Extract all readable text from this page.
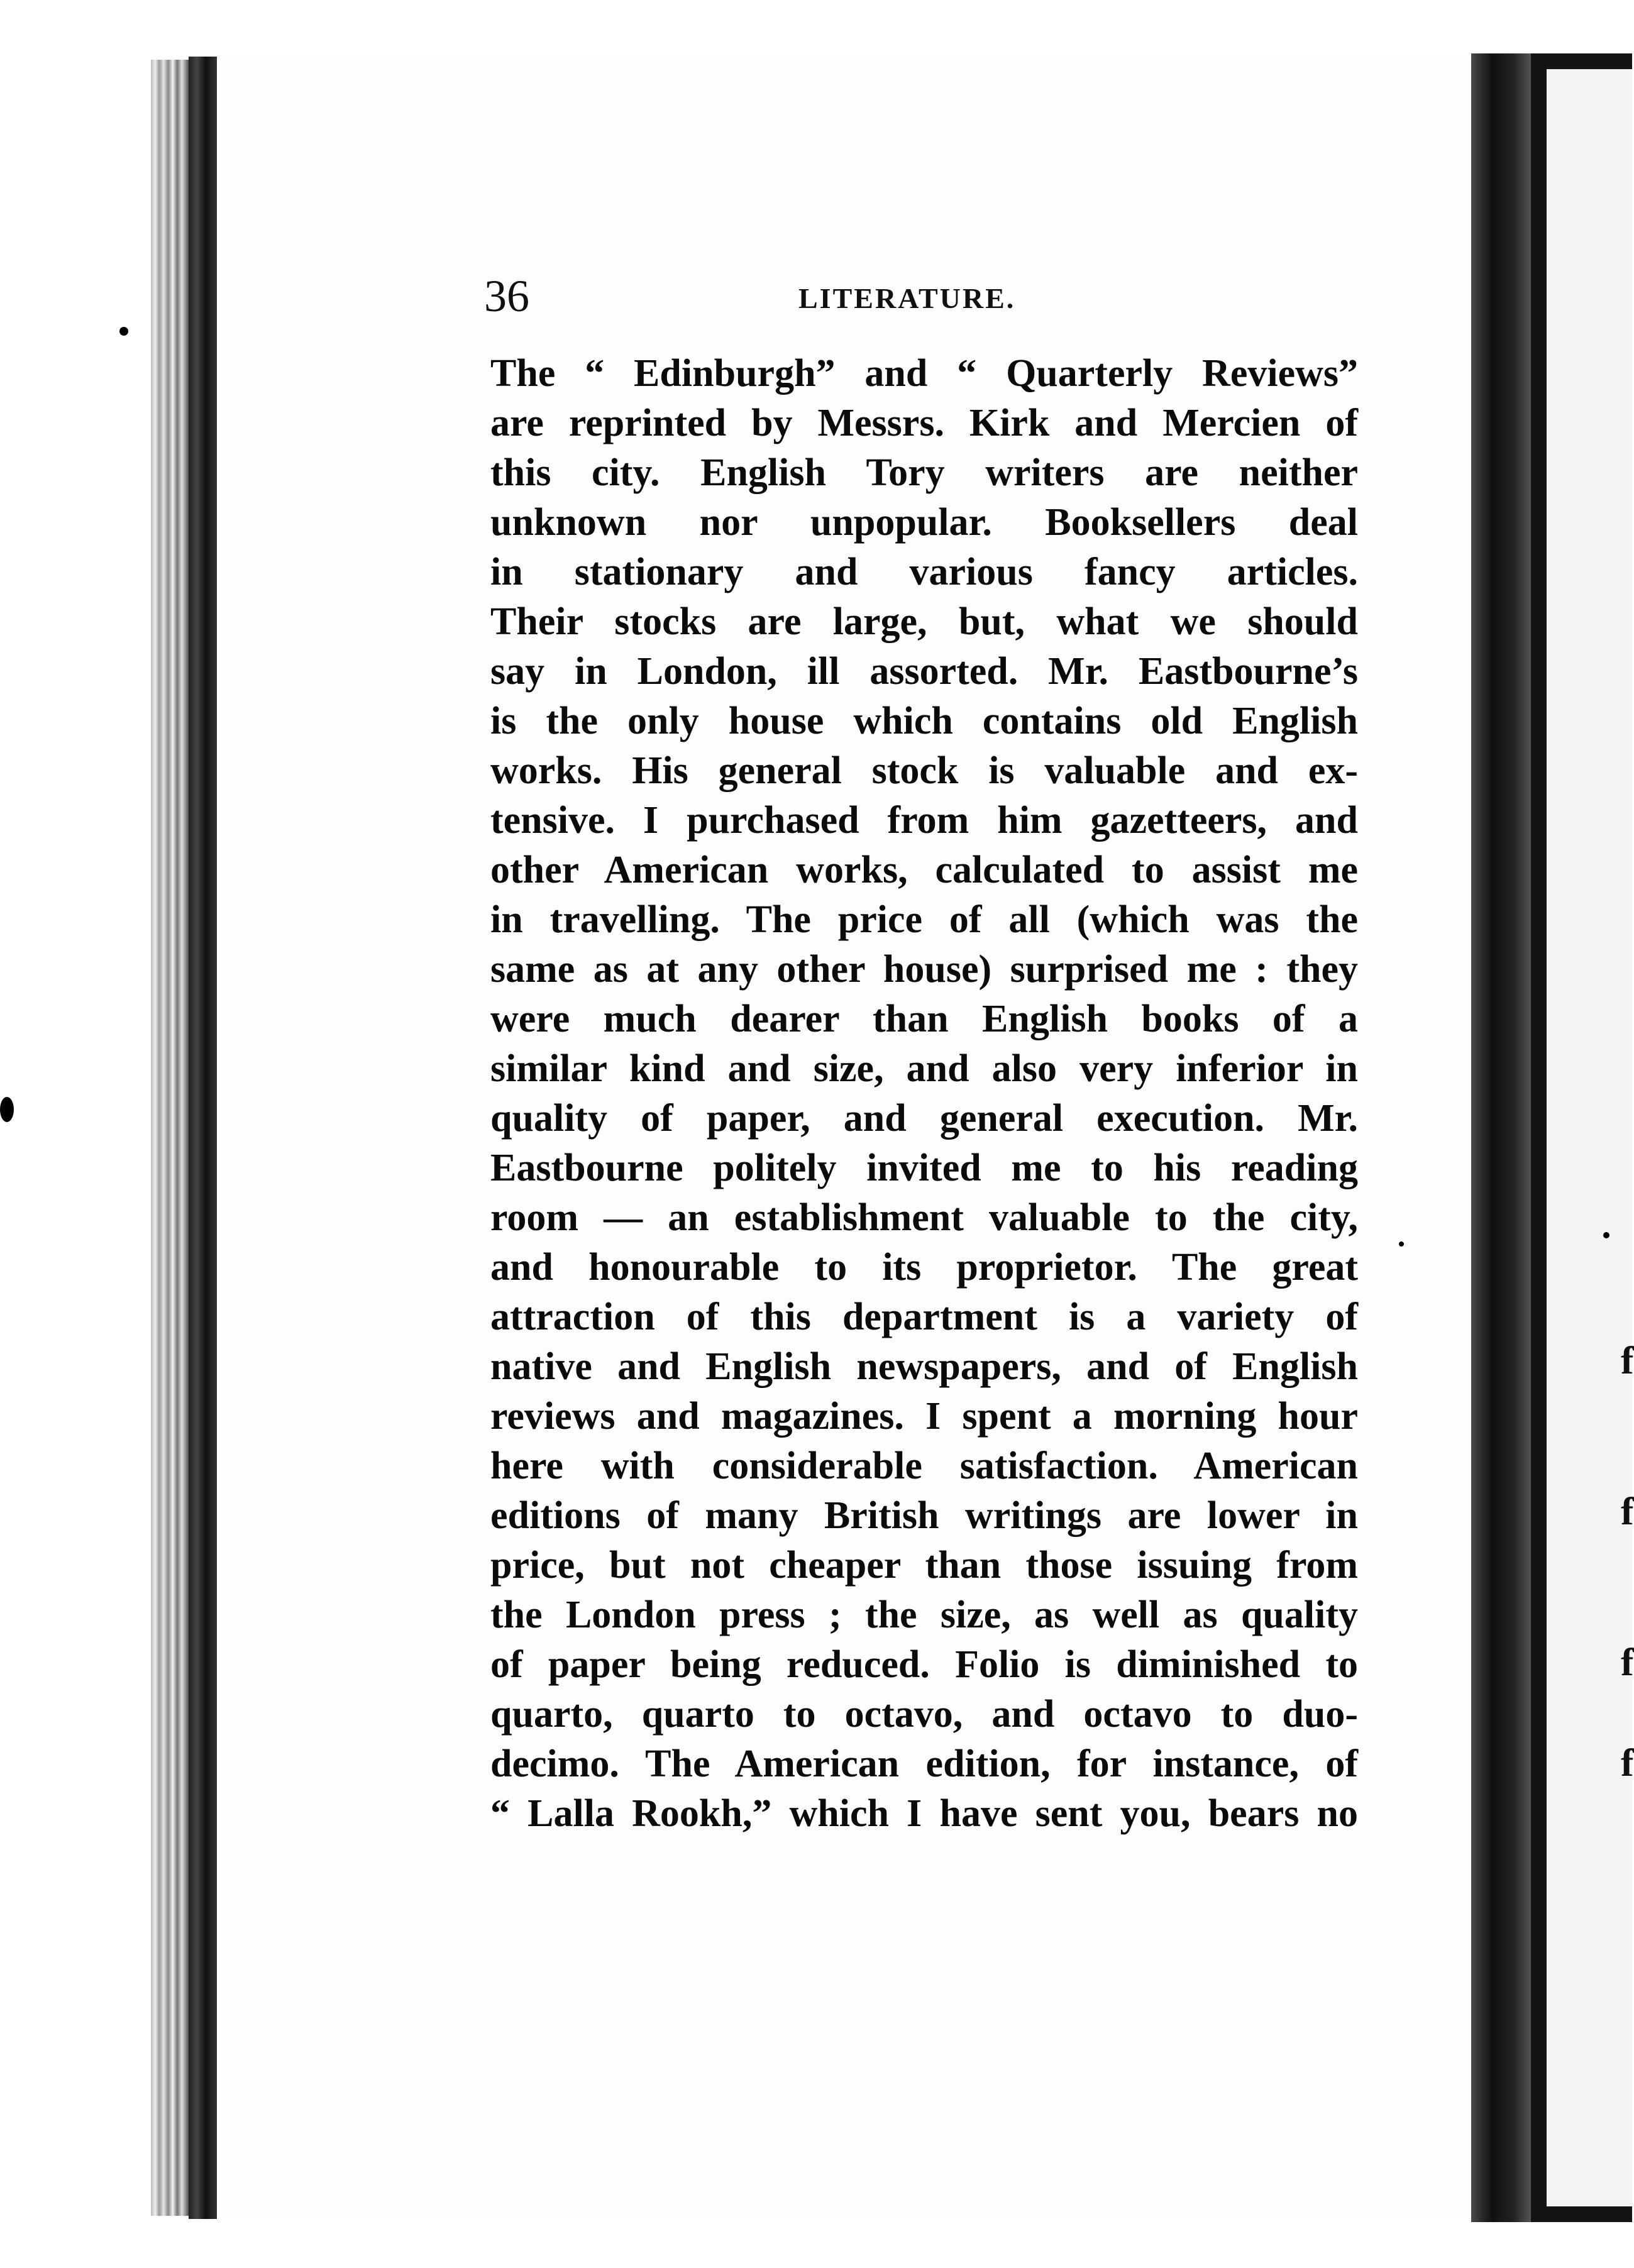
f
f
f
f
36	LITERATURE.
The “ Edinburgh” and “ Quarterly Reviews”
are reprinted by Messrs. Kirk and Mercien of
this city. English Tory writers are neither
unknown nor unpopular. Booksellers deal
in stationary and various fancy articles.
Their stocks are large, but, what we should
say in London, ill assorted. Mr. Eastbourne’s
is the only house which contains old English
works. His general stock is valuable and ex-
tensive. I purchased from him gazetteers, and
other American works, calculated to assist me
in travelling. The price of all (which was the
same as at any other house) surprised me : they
were much dearer than English books of a
similar kind and size, and also very inferior in
quality of paper, and general execution. Mr.
Eastbourne politely invited me to his reading
room — an establishment valuable to the city,
and honourable to its proprietor. The great
attraction of this department is a variety of
native and English newspapers, and of English
reviews and magazines. I spent a morning hour
here with considerable satisfaction. American
editions of many British writings are lower in
price, but not cheaper than those issuing from
the London press ; the size, as well as quality
of paper being reduced. Folio is diminished to
quarto, quarto to octavo, and octavo to duo-
decimo. The American edition, for instance, of
“ Lalla Rookh,” which I have sent you, bears no
